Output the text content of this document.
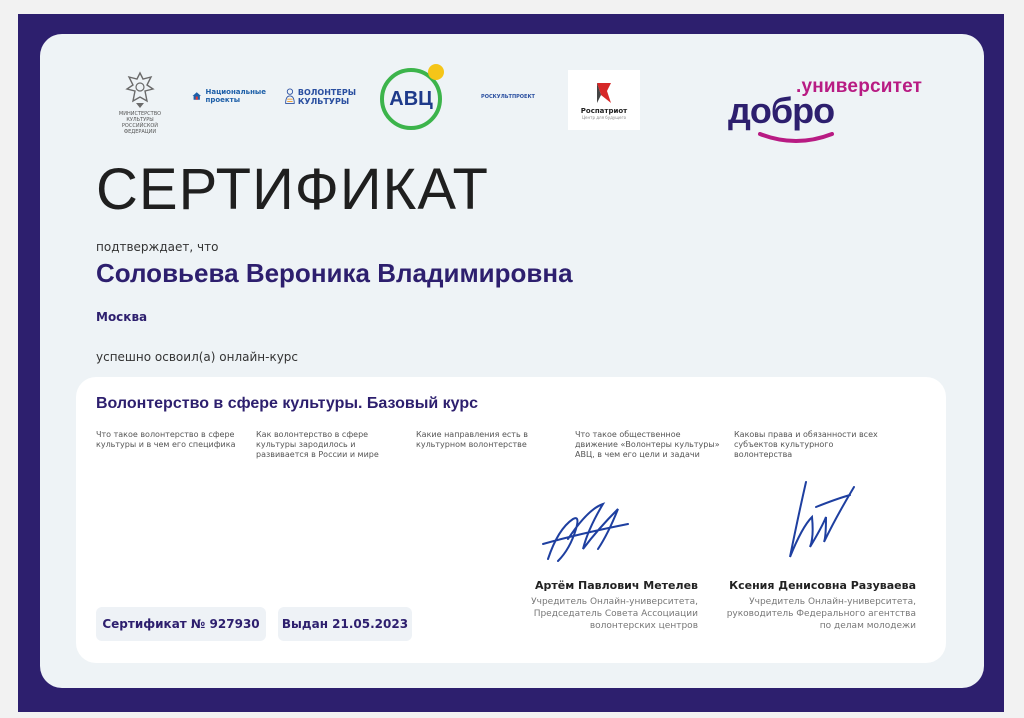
МИНИСТЕРСТВО КУЛЬТУРЫ РОССИЙСКОЙ ФЕДЕРАЦИИ
Национальные
проекты
ВОЛОНТЕРЫ
КУЛЬТУРЫ	АВЦ	РОСКУЛЬТПРОЕКТ
Роспатриот
Центр для будущего
.университет
добро
СЕРТИФИКАТ
подтверждает, что
Соловьева Вероника Владимировна
Москва
успешно освоил(а) онлайн-курс
Волонтерство в сфере культуры. Базовый курс
Что такое волонтерство в сфере культуры и в чем его специфика
Как волонтерство в сфере культуры зародилось и развивается в России и мире
Какие направления есть в культурном волонтерстве
Что такое общественное движение «Волонтеры культуры» АВЦ, в чем его цели и задачи
Каковы права и обязанности всех субъектов культурного волонтерства
Артём Павлович Метелев
Учредитель Онлайн-университета,
Председатель Совета Ассоциации
волонтерских центров
Ксения Денисовна Разуваева
Учредитель Онлайн-университета,
руководитель Федерального агентства
по делам молодежи
Сертификат № 927930	Выдан 21.05.2023
